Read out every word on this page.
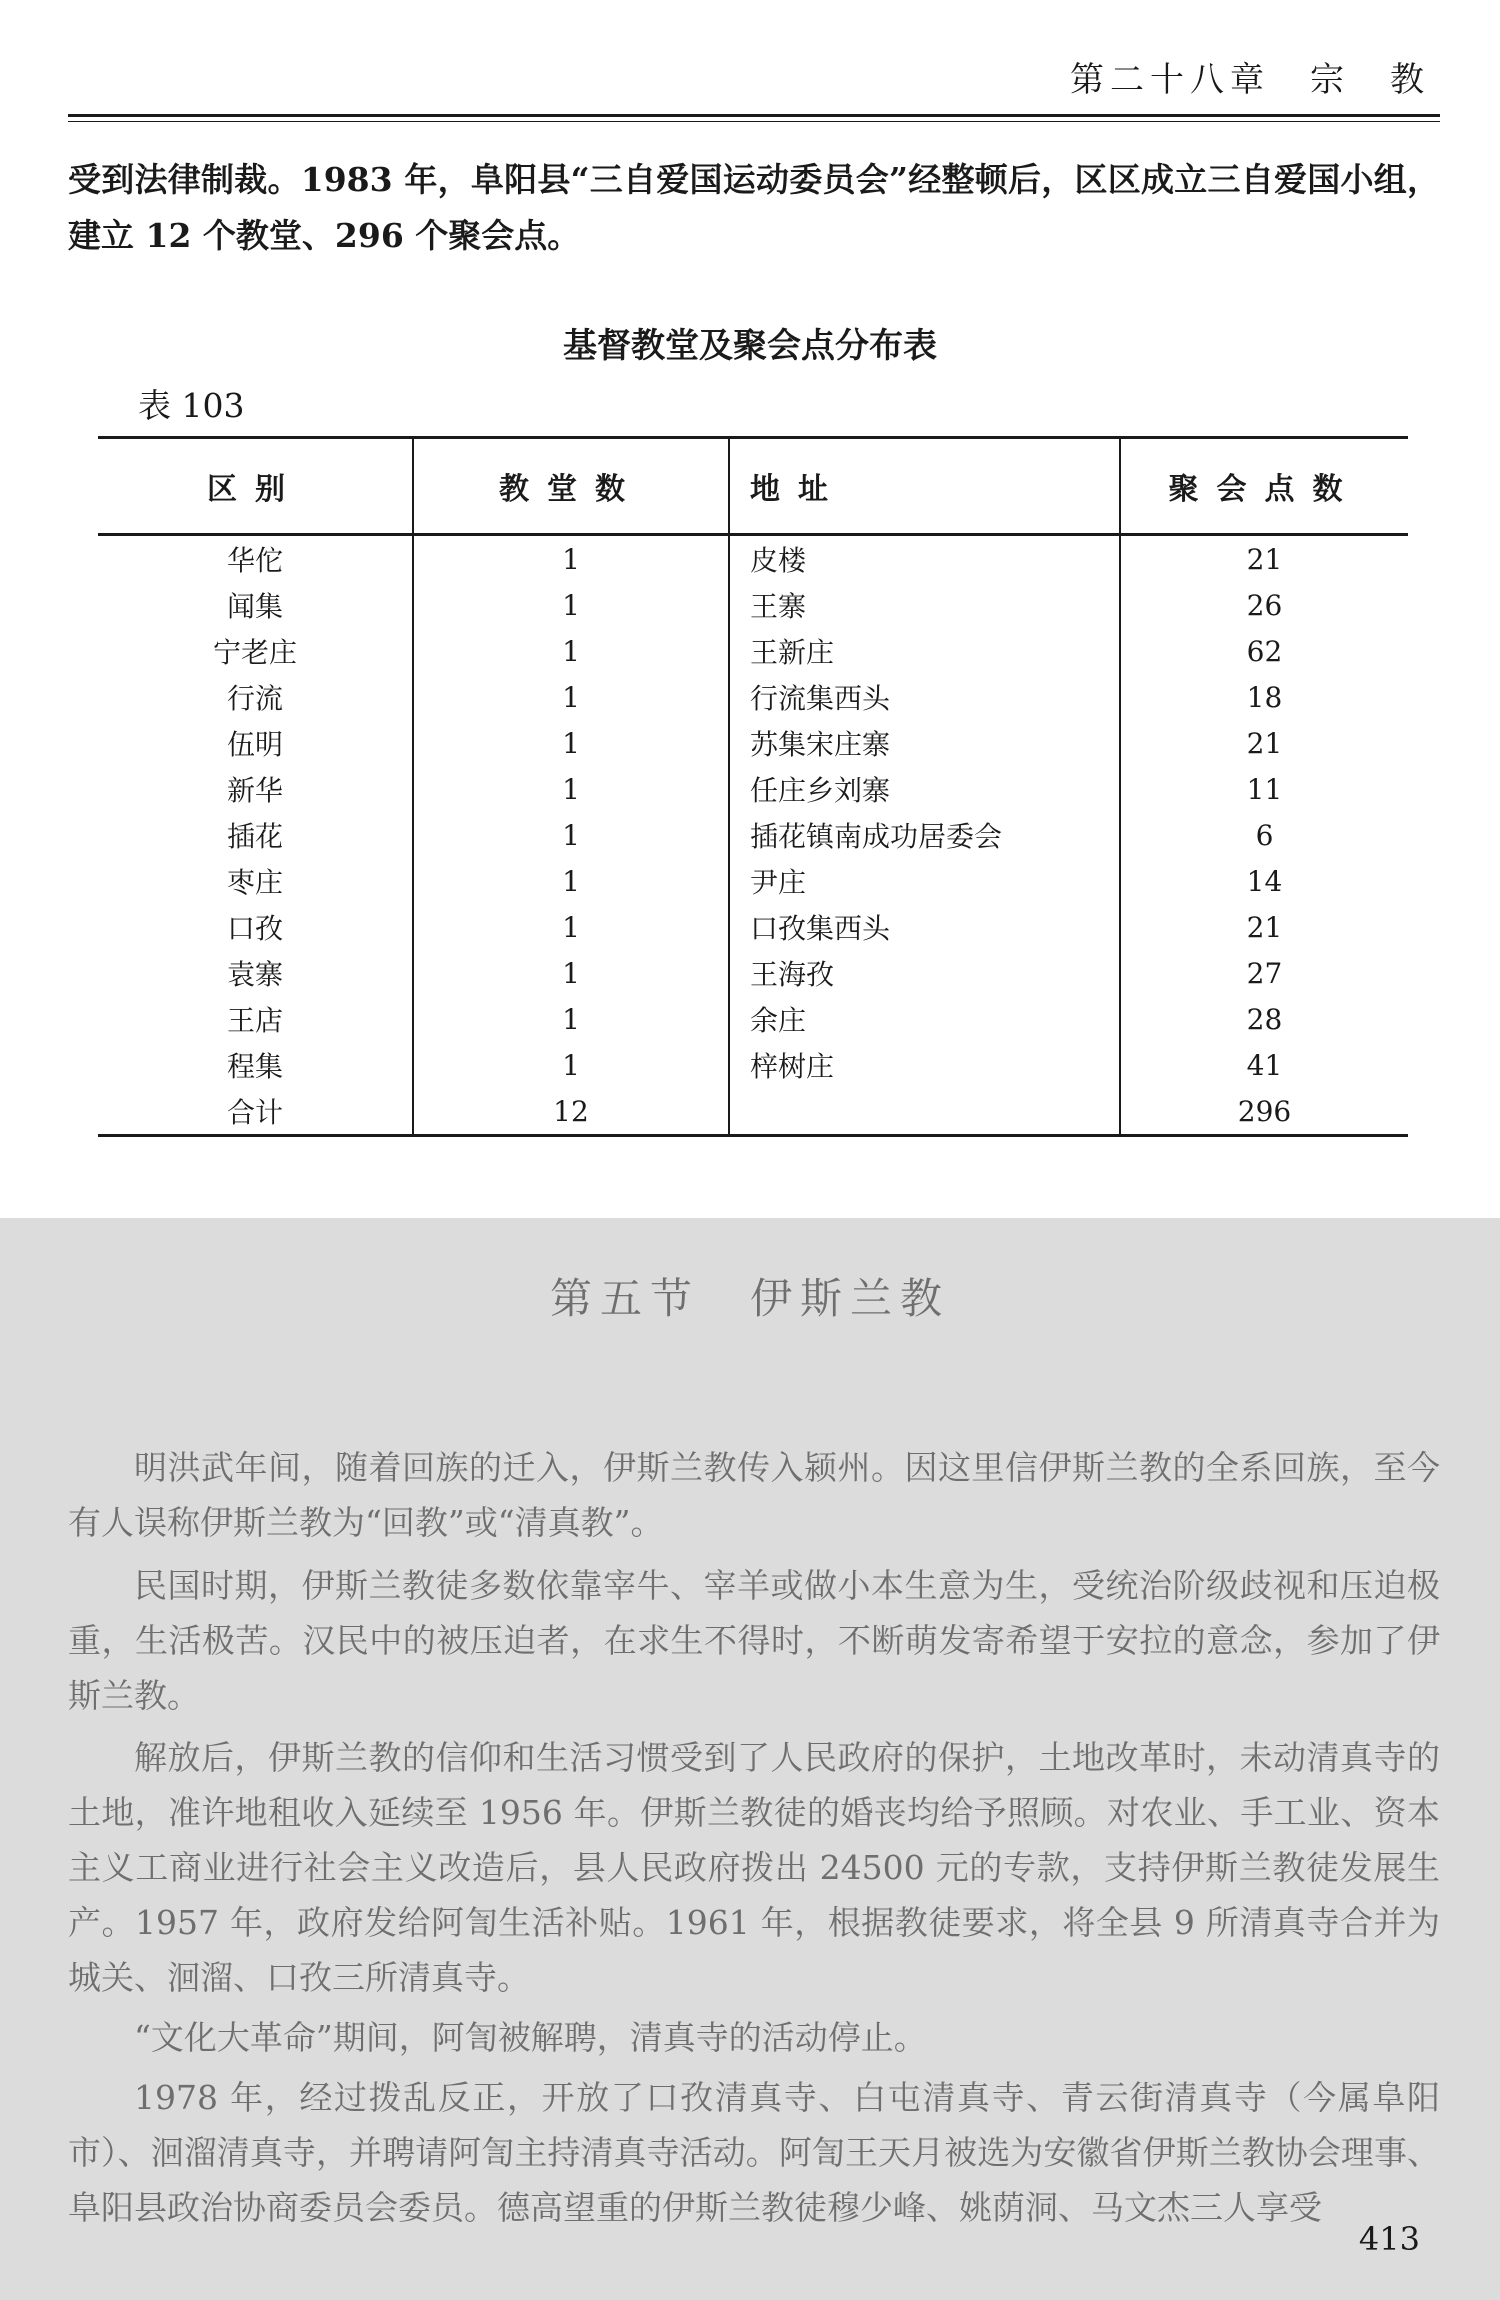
第二十八章　宗　教

受到法律制裁。1983 年，阜阳县“三自爱国运动委员会”经整顿后，区区成立三自爱国小组，建立 12 个教堂、296 个聚会点。

基督教堂及聚会点分布表
表 103
区别	教堂数	地址	聚会点数
华佗	1	皮楼	21
闻集	1	王寨	26
宁老庄	1	王新庄	62
行流	1	行流集西头	18
伍明	1	苏集宋庄寨	21
新华	1	任庄乡刘寨	11
插花	1	插花镇南成功居委会	6
枣庄	1	尹庄	14
口孜	1	口孜集西头	21
袁寨	1	王海孜	27
王店	1	余庄	28
程集	1	梓树庄	41
合计	12		296
第五节　伊斯兰教

明洪武年间，随着回族的迁入，伊斯兰教传入颍州。因这里信伊斯兰教的全系回族，至今有人误称伊斯兰教为“回教”或“清真教”。

民国时期，伊斯兰教徒多数依靠宰牛、宰羊或做小本生意为生，受统治阶级歧视和压迫极重，生活极苦。汉民中的被压迫者，在求生不得时，不断萌发寄希望于安拉的意念，参加了伊斯兰教。

解放后，伊斯兰教的信仰和生活习惯受到了人民政府的保护，土地改革时，未动清真寺的土地，准许地租收入延续至 1956 年。伊斯兰教徒的婚丧均给予照顾。对农业、手工业、资本主义工商业进行社会主义改造后，县人民政府拨出 24500 元的专款，支持伊斯兰教徒发展生产。1957 年，政府发给阿訇生活补贴。1961 年，根据教徒要求，将全县 9 所清真寺合并为城关、洄溜、口孜三所清真寺。

“文化大革命”期间，阿訇被解聘，清真寺的活动停止。

1978 年，经过拨乱反正，开放了口孜清真寺、白屯清真寺、青云街清真寺（今属阜阳市）、洄溜清真寺，并聘请阿訇主持清真寺活动。阿訇王天月被选为安徽省伊斯兰教协会理事、阜阳县政治协商委员会委员。德高望重的伊斯兰教徒穆少峰、姚荫洞、马文杰三人享受

413
